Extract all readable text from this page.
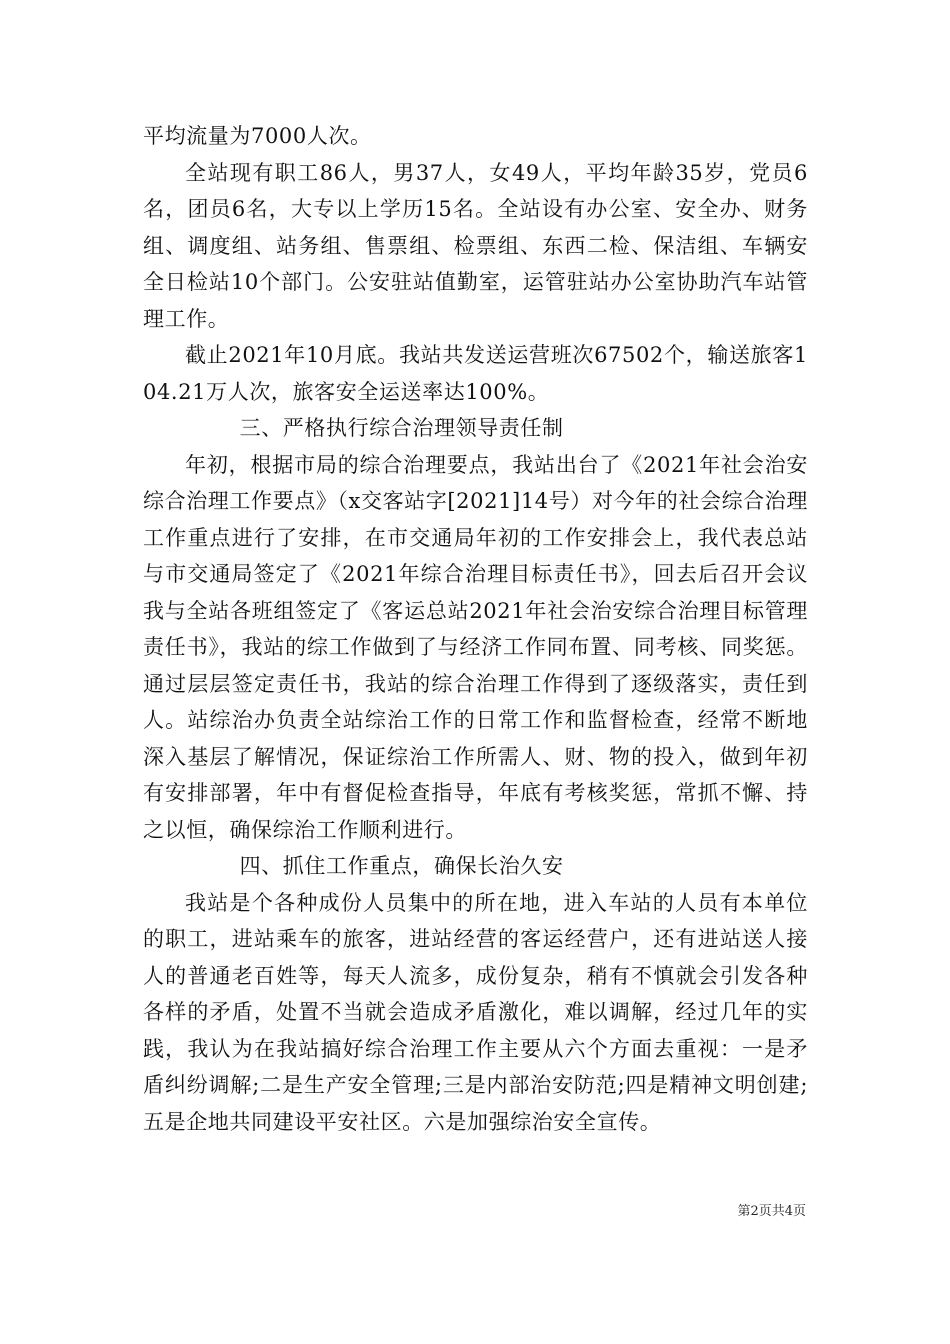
平均流量为7000人次。

全站现有职工86人，男37人，女49人，平均年龄35岁，党员6名，团员6名，大专以上学历15名。全站设有办公室、安全办、财务组、调度组、站务组、售票组、检票组、东西二检、保洁组、车辆安全日检站10个部门。公安驻站值勤室，运管驻站办公室协助汽车站管理工作。

截止2021年10月底。我站共发送运营班次67502个，输送旅客104.21万人次，旅客安全运送率达100%。

三、严格执行综合治理领导责任制

年初，根据市局的综合治理要点，我站出台了《2021年社会治安综合治理工作要点》（x交客站字[2021]14号）对今年的社会综合治理工作重点进行了安排，在市交通局年初的工作安排会上，我代表总站与市交通局签定了《2021年综合治理目标责任书》，回去后召开会议我与全站各班组签定了《客运总站2021年社会治安综合治理目标管理责任书》，我站的综工作做到了与经济工作同布置、同考核、同奖惩。通过层层签定责任书，我站的综合治理工作得到了逐级落实，责任到人。站综治办负责全站综治工作的日常工作和监督检查，经常不断地深入基层了解情况，保证综治工作所需人、财、物的投入，做到年初有安排部署，年中有督促检查指导，年底有考核奖惩，常抓不懈、持之以恒，确保综治工作顺利进行。

四、抓住工作重点，确保长治久安

我站是个各种成份人员集中的所在地，进入车站的人员有本单位的职工，进站乘车的旅客，进站经营的客运经营户，还有进站送人接人的普通老百姓等，每天人流多，成份复杂，稍有不慎就会引发各种各样的矛盾，处置不当就会造成矛盾激化，难以调解，经过几年的实践，我认为在我站搞好综合治理工作主要从六个方面去重视：一是矛盾纠纷调解;二是生产安全管理;三是内部治安防范;四是精神文明创建;五是企地共同建设平安社区。六是加强综治安全宣传。

第2页共4页
